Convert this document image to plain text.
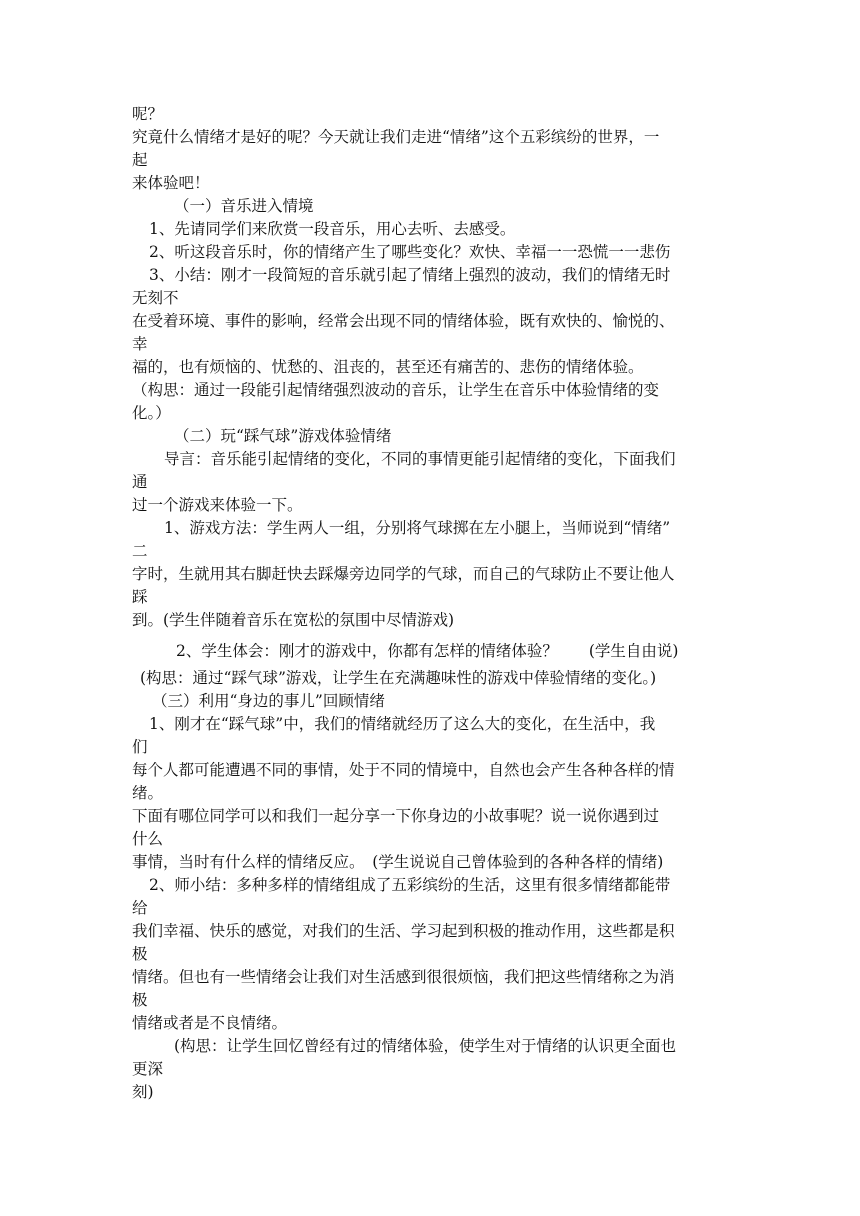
呢？
究竟什么情绪才是好的呢？今天就让我们走进“情绪”这个五彩缤纷的世界，一
起
来体验吧！
（一）音乐进入情境
1、先请同学们来欣赏一段音乐，用心去听、去感受。
2、听这段音乐时，你的情绪产生了哪些变化？欢快、幸福一一恐慌一一悲伤
3、小结：刚才一段简短的音乐就引起了情绪上强烈的波动，我们的情绪无时
无刻不
在受着环境、事件的影响，经常会出现不同的情绪体验，既有欢快的、愉悦的、
幸
福的，也有烦恼的、忧愁的、沮丧的，甚至还有痛苦的、悲伤的情绪体验。
（构思：通过一段能引起情绪强烈波动的音乐，让学生在音乐中体验情绪的变
化。）
（二）玩“踩气球”游戏体验情绪
导言：音乐能引起情绪的变化，不同的事情更能引起情绪的变化，下面我们
通
过一个游戏来体验一下。
1、游戏方法：学生两人一组，分别将气球掷在左小腿上，当师说到“情绪”
二
字时，生就用其右脚赶快去踩爆旁边同学的气球，而自己的气球防止不要让他人
踩
到。(学生伴随着音乐在宽松的氛围中尽情游戏)
2、学生体会：刚才的游戏中，你都有怎样的情绪体验？　　(学生自由说)
(构思：通过“踩气球”游戏，让学生在充满趣味性的游戏中倖验情绪的变化。)
（三）利用“身边的事儿”回顾情绪
1、刚才在“踩气球”中，我们的情绪就经历了这么大的变化，在生活中，我
们
每个人都可能遭遇不同的事情，处于不同的情境中，自然也会产生各种各样的情
绪。
下面有哪位同学可以和我们一起分享一下你身边的小故事呢？说一说你遇到过
什么
事情，当时有什么样的情绪反应。　(学生说说自己曾体验到的各种各样的情绪)
2、师小结：多种多样的情绪组成了五彩缤纷的生活，这里有很多情绪都能带
给
我们幸福、快乐的感觉，对我们的生活、学习起到积极的推动作用，这些都是积
极
情绪。但也有一些情绪会让我们对生活感到很很烦恼，我们把这些情绪称之为消
极
情绪或者是不良情绪。
(构思：让学生回忆曾经有过的情绪体验，使学生对于情绪的认识更全面也
更深
刻)
